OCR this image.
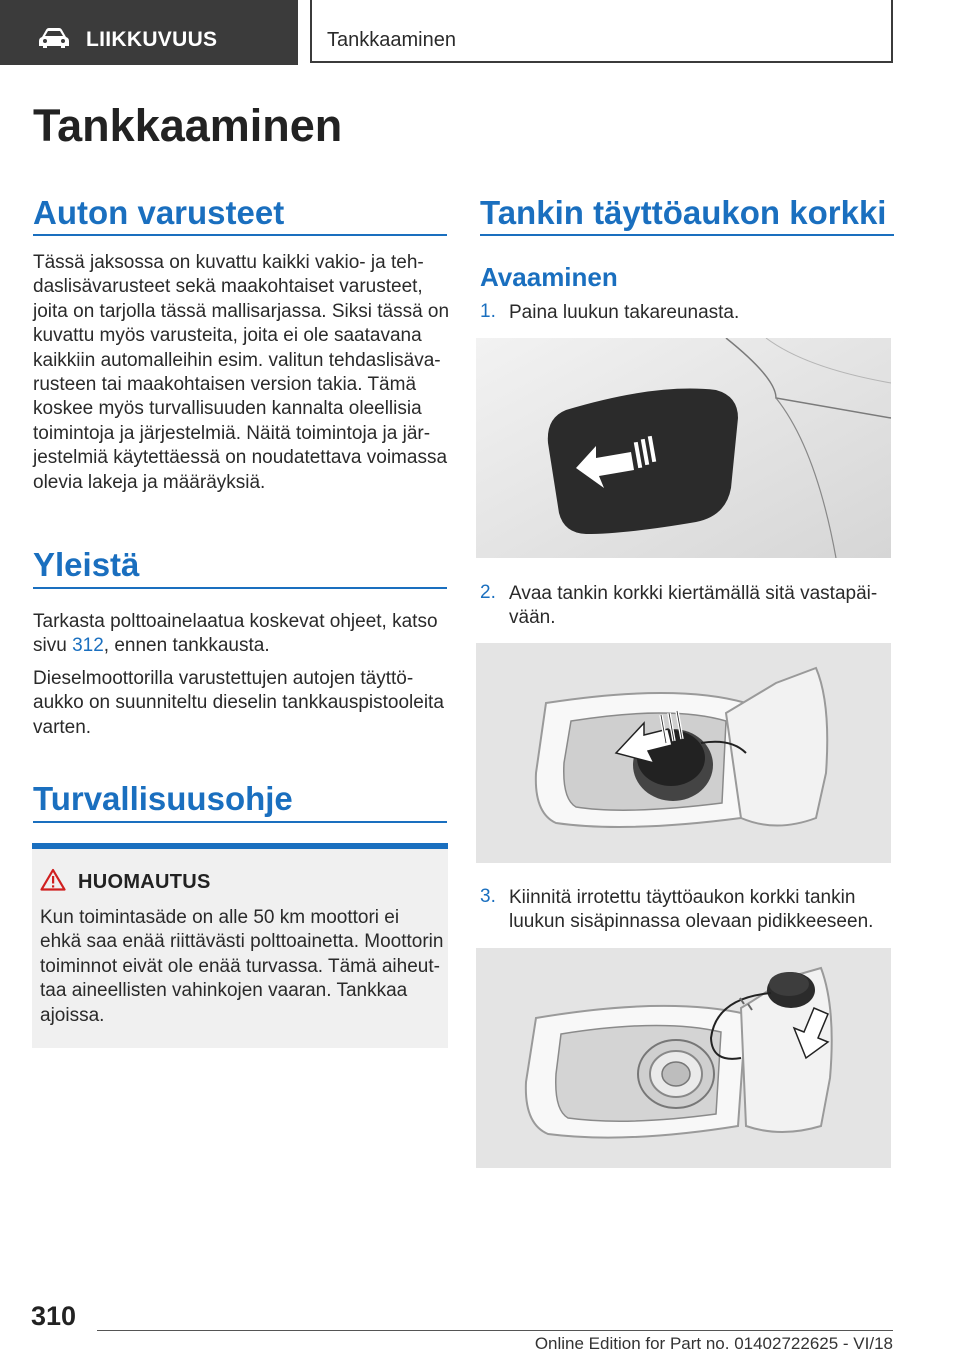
LIIKKUVUUS	Tankkaaminen
Tankkaaminen
Auton varusteet
Tässä jaksossa on kuvattu kaikki vakio- ja teh-
daslisävarusteet sekä maakohtaiset varusteet,
joita on tarjolla tässä mallisarjassa. Siksi tässä on
kuvattu myös varusteita, joita ei ole saatavana
kaikkiin automalleihin esim. valitun tehdaslisäva-
rusteen tai maakohtaisen version takia. Tämä
koskee myös turvallisuuden kannalta oleellisia
toimintoja ja järjestelmiä. Näitä toimintoja ja jär-
jestelmiä käytettäessä on noudatettava voimassa
olevia lakeja ja määräyksiä.
Yleistä
Tarkasta polttoainelaatua koskevat ohjeet, katso
sivu 312, ennen tankkausta.
Dieselmoottorilla varustettujen autojen täyttö-
aukko on suunniteltu dieselin tankkauspistooleita
varten.
Turvallisuusohje
HUOMAUTUS
Kun toimintasäde on alle 50 km moottori ei
ehkä saa enää riittävästi polttoainetta. Moottorin
toiminnot eivät ole enää turvassa. Tämä aiheut-
taa aineellisten vahinkojen vaaran. Tankkaa
ajoissa.
Tankin täyttöaukon korkki
Avaaminen
1. Paina luukun takareunasta.
2. Avaa tankin korkki kiertämällä sitä vastapäi-
vään.
3. Kiinnitä irrotettu täyttöaukon korkki tankin
luukun sisäpinnassa olevaan pidikkeeseen.
310
Online Edition for Part no. 01402722625 - VI/18
